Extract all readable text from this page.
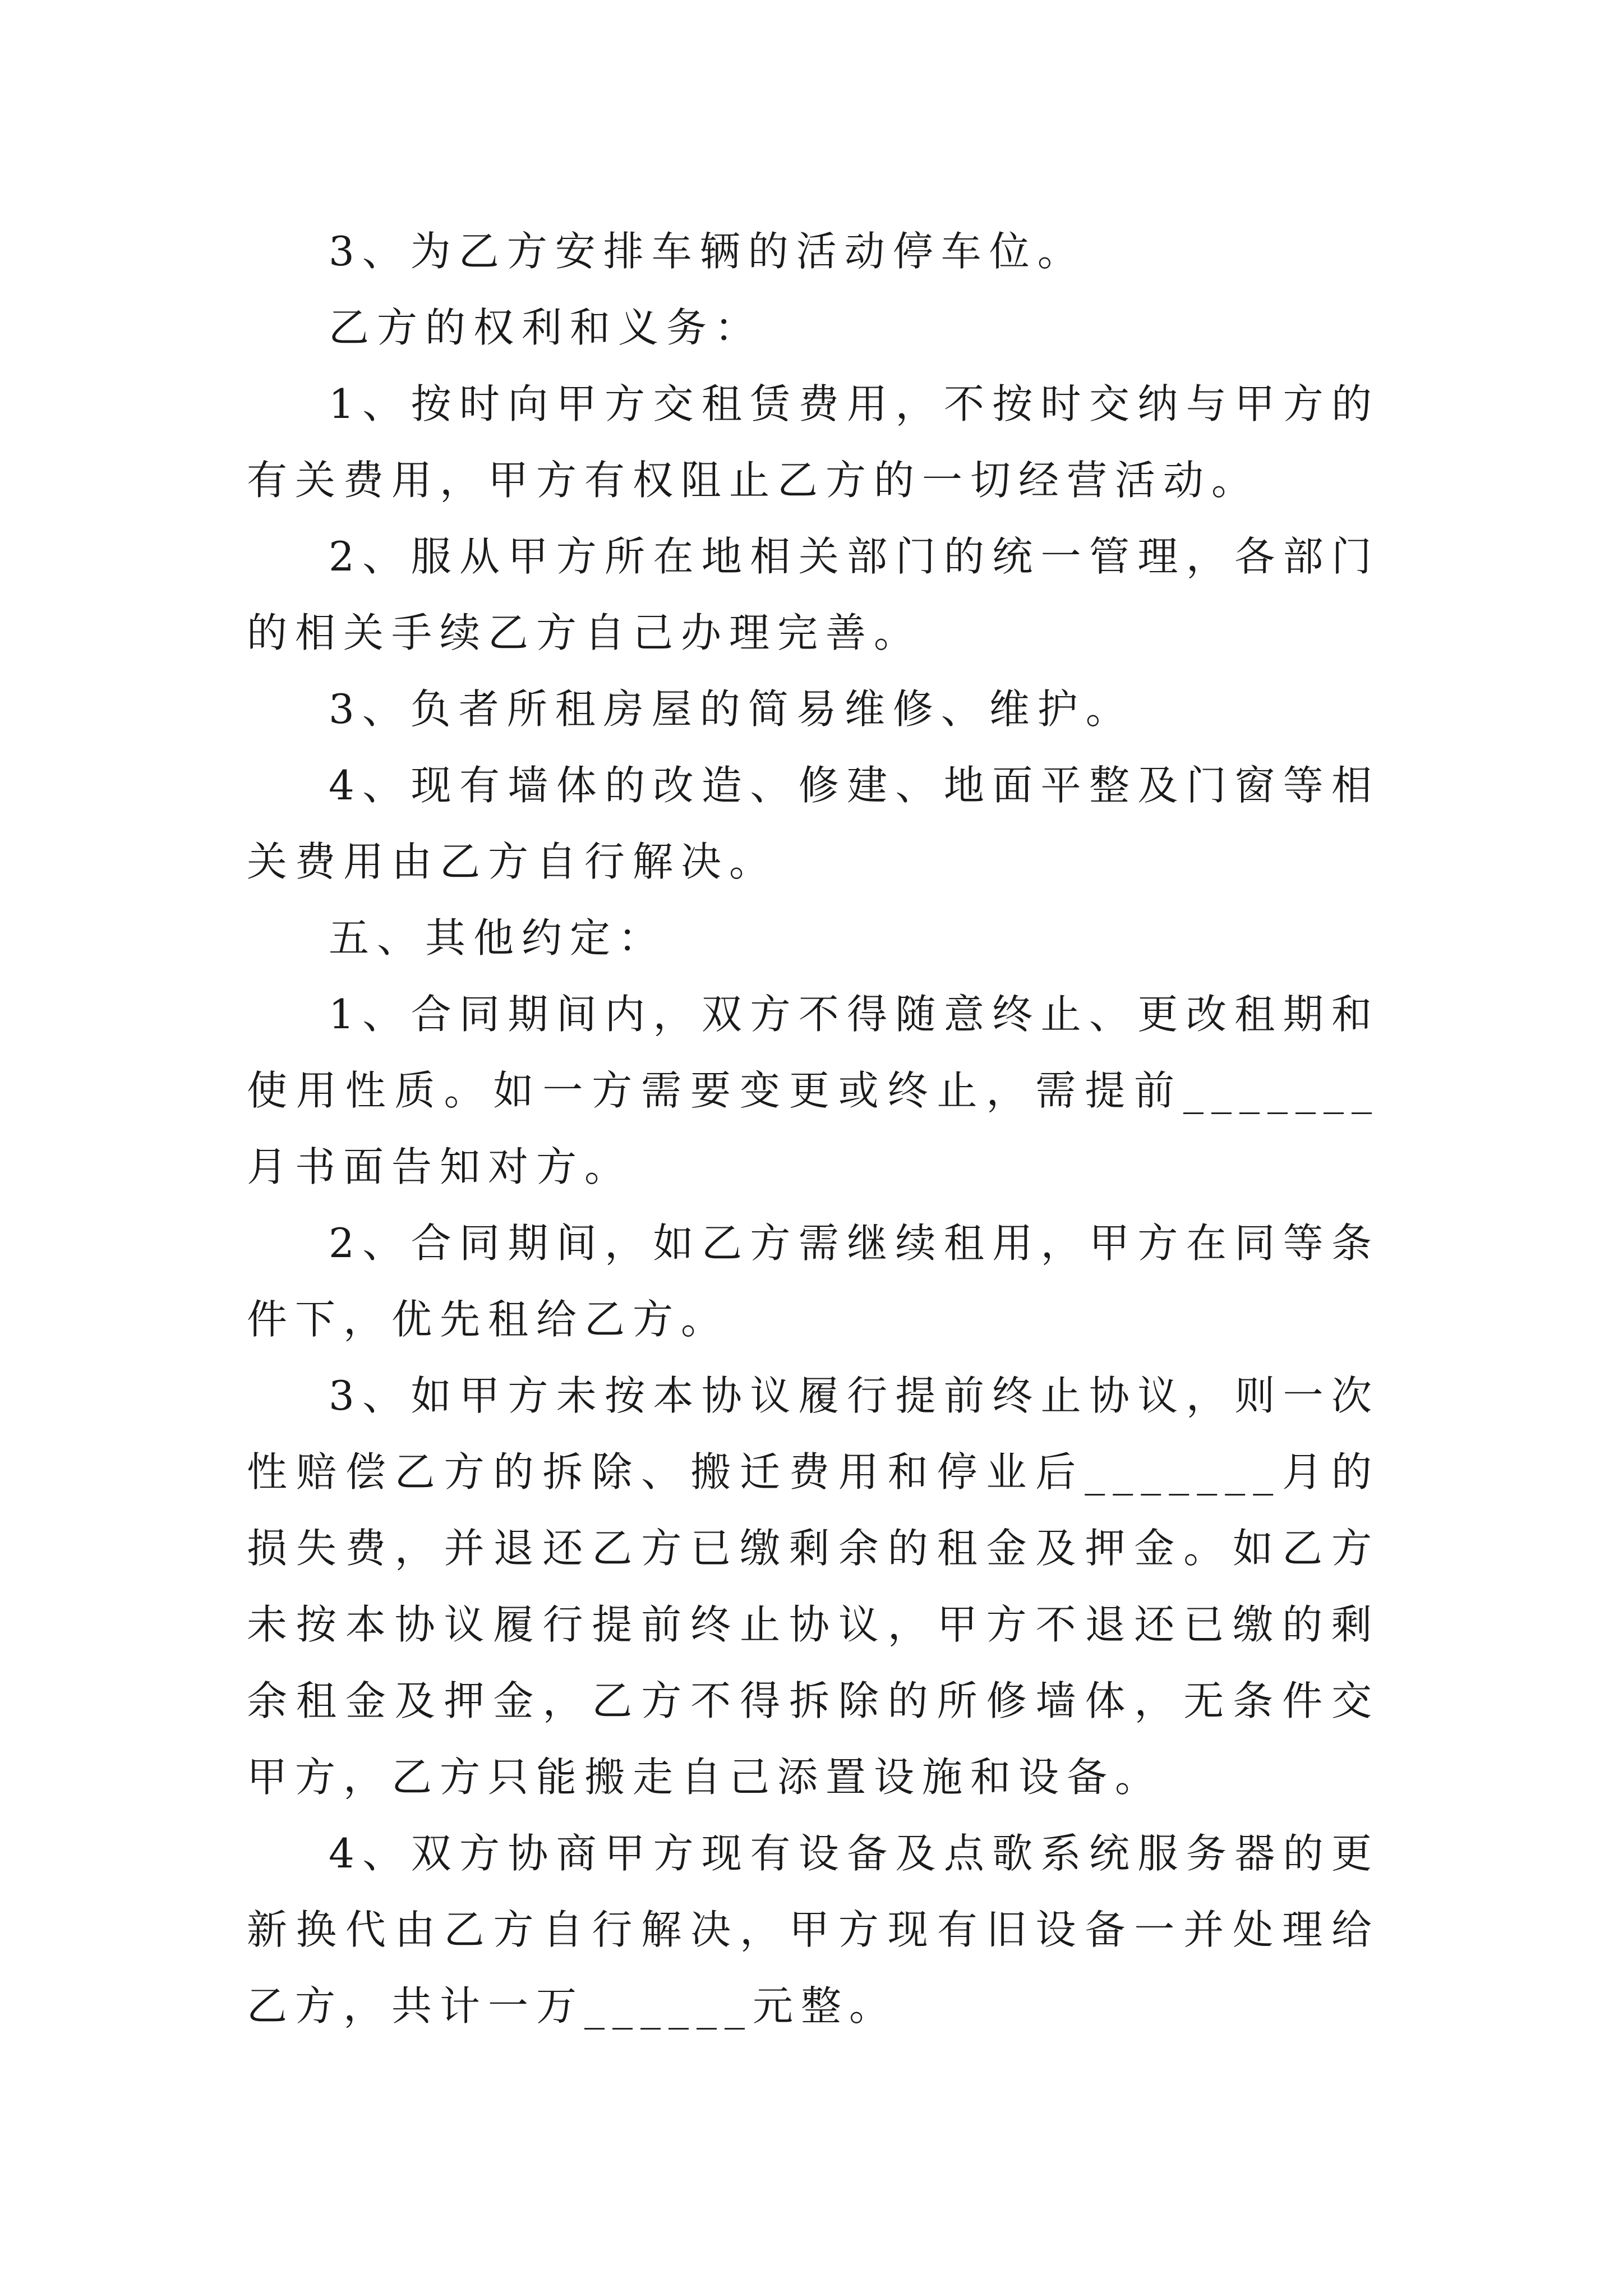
3、为乙方安排车辆的活动停车位。

乙方的权利和义务：

1、按时向甲方交租赁费用，不按时交纳与甲方的有关费用，甲方有权阻止乙方的一切经营活动。

2、服从甲方所在地相关部门的统一管理，各部门的相关手续乙方自己办理完善。

3、负者所租房屋的简易维修、维护。

4、现有墙体的改造、修建、地面平整及门窗等相关费用由乙方自行解决。

五、其他约定：

1、合同期间内，双方不得随意终止、更改租期和使用性质。如一方需要变更或终止，需提前_______月书面告知对方。

2、合同期间，如乙方需继续租用，甲方在同等条件下，优先租给乙方。

3、如甲方未按本协议履行提前终止协议，则一次性赔偿乙方的拆除、搬迁费用和停业后_______月的损失费，并退还乙方已缴剩余的租金及押金。如乙方未按本协议履行提前终止协议，甲方不退还已缴的剩余租金及押金，乙方不得拆除的所修墙体，无条件交甲方，乙方只能搬走自己添置设施和设备。

4、双方协商甲方现有设备及点歌系统服务器的更新换代由乙方自行解决，甲方现有旧设备一并处理给乙方，共计一万______元整。
